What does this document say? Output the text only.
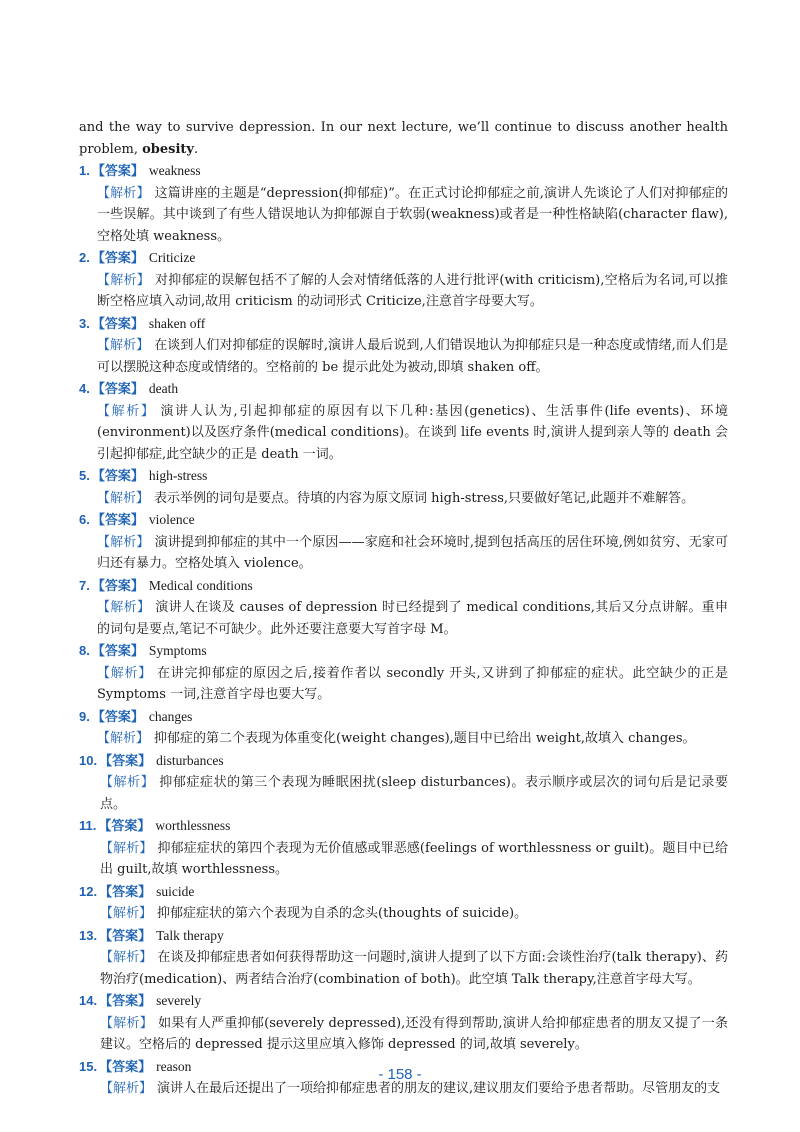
and the way to survive depression. In our next lecture, we’ll continue to discuss another health problem, obesity.

1. 【答案】 weakness
【解析】 这篇讲座的主题是“depression(抑郁症)”。在正式讨论抑郁症之前,演讲人先谈论了人们对抑郁症的一些误解。其中谈到了有些人错误地认为抑郁源自于软弱(weakness)或者是一种性格缺陷(character flaw),空格处填 weakness。
2. 【答案】 Criticize
【解析】 对抑郁症的误解包括不了解的人会对情绪低落的人进行批评(with criticism),空格后为名词,可以推断空格应填入动词,故用 criticism 的动词形式 Criticize,注意首字母要大写。
3. 【答案】 shaken off
【解析】 在谈到人们对抑郁症的误解时,演讲人最后说到,人们错误地认为抑郁症只是一种态度或情绪,而人们是可以摆脱这种态度或情绪的。空格前的 be 提示此处为被动,即填 shaken off。
4. 【答案】 death
【解析】 演讲人认为,引起抑郁症的原因有以下几种:基因(genetics)、生活事件(life events)、环境(environment)以及医疗条件(medical conditions)。在谈到 life events 时,演讲人提到亲人等的 death 会引起抑郁症,此空缺少的正是 death 一词。
5. 【答案】 high-stress
【解析】 表示举例的词句是要点。待填的内容为原文原词 high-stress,只要做好笔记,此题并不难解答。
6. 【答案】 violence
【解析】 演讲提到抑郁症的其中一个原因——家庭和社会环境时,提到包括高压的居住环境,例如贫穷、无家可归还有暴力。空格处填入 violence。
7. 【答案】 Medical conditions
【解析】 演讲人在谈及 causes of depression 时已经提到了 medical conditions,其后又分点讲解。重申的词句是要点,笔记不可缺少。此外还要注意要大写首字母 M。
8. 【答案】 Symptoms
【解析】 在讲完抑郁症的原因之后,接着作者以 secondly 开头,又讲到了抑郁症的症状。此空缺少的正是 Symptoms 一词,注意首字母也要大写。
9. 【答案】 changes
【解析】 抑郁症的第二个表现为体重变化(weight changes),题目中已给出 weight,故填入 changes。
10. 【答案】 disturbances
【解析】 抑郁症症状的第三个表现为睡眠困扰(sleep disturbances)。表示顺序或层次的词句后是记录要点。
11. 【答案】 worthlessness
【解析】 抑郁症症状的第四个表现为无价值感或罪恶感(feelings of worthlessness or guilt)。题目中已给出 guilt,故填 worthlessness。
12. 【答案】 suicide
【解析】 抑郁症症状的第六个表现为自杀的念头(thoughts of suicide)。
13. 【答案】 Talk therapy
【解析】 在谈及抑郁症患者如何获得帮助这一问题时,演讲人提到了以下方面:会谈性治疗(talk therapy)、药物治疗(medication)、两者结合治疗(combination of both)。此空填 Talk therapy,注意首字母大写。
14. 【答案】 severely
【解析】 如果有人严重抑郁(severely depressed),还没有得到帮助,演讲人给抑郁症患者的朋友又提了一条建议。空格后的 depressed 提示这里应填入修饰 depressed 的词,故填 severely。
15. 【答案】 reason
【解析】 演讲人在最后还提出了一项给抑郁症患者的朋友的建议,建议朋友们要给予患者帮助。尽管朋友的支
- 158 -
